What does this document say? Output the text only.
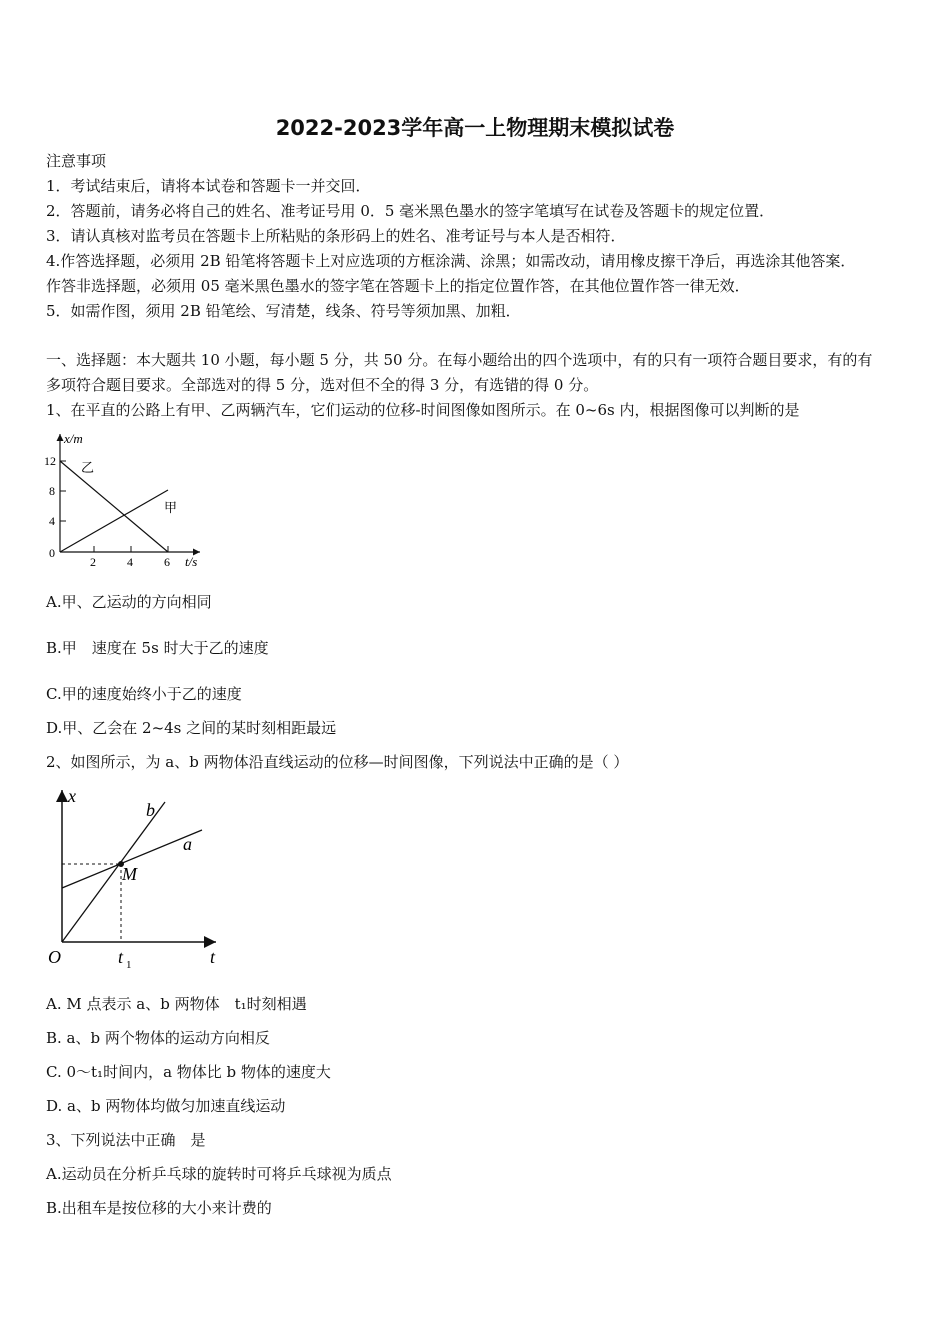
2022-2023学年高一上物理期末模拟试卷
注意事项
1．考试结束后，请将本试卷和答题卡一并交回．
2．答题前，请务必将自己的姓名、准考证号用 0．5 毫米黑色墨水的签字笔填写在试卷及答题卡的规定位置．
3．请认真核对监考员在答题卡上所粘贴的条形码上的姓名、准考证号与本人是否相符．
4.作答选择题，必须用 2B 铅笔将答题卡上对应选项的方框涂满、涂黑；如需改动，请用橡皮擦干净后，再选涂其他答案．
作答非选择题，必须用 05 毫米黑色墨水的签字笔在答题卡上的指定位置作答，在其他位置作答一律无效．
5．如需作图，须用 2B 铅笔绘、写清楚，线条、符号等须加黑、加粗．
一、选择题：本大题共 10 小题，每小题 5 分，共 50 分。在每小题给出的四个选项中，有的只有一项符合题目要求，有的有
多项符合题目要求。全部选对的得 5 分，选对但不全的得 3 分，有选错的得 0 分。
1、在平直的公路上有甲、乙两辆汽车，它们运动的位移-时间图像如图所示。在 0~6s 内，根据图像可以判断的是
x/m
12
8
4
0
2	4	6 t/s
乙
甲
A.甲、乙运动的方向相同
B.甲　速度在 5s 时大于乙的速度
C.甲的速度始终小于乙的速度
D.甲、乙会在 2~4s 之间的某时刻相距最远
2、如图所示，为 a、b 两物体沿直线运动的位移—时间图像，下列说法中正确的是（ ）
x
b
a
M
O	t 1	t
A. M 点表示 a、b 两物体　t₁时刻相遇
B. a、b 两个物体的运动方向相反
C. 0～t₁时间内，a 物体比 b 物体的速度大
D. a、b 两物体均做匀加速直线运动
3、下列说法中正确　是
A.运动员在分析乒乓球的旋转时可将乒乓球视为质点
B.出租车是按位移的大小来计费的
